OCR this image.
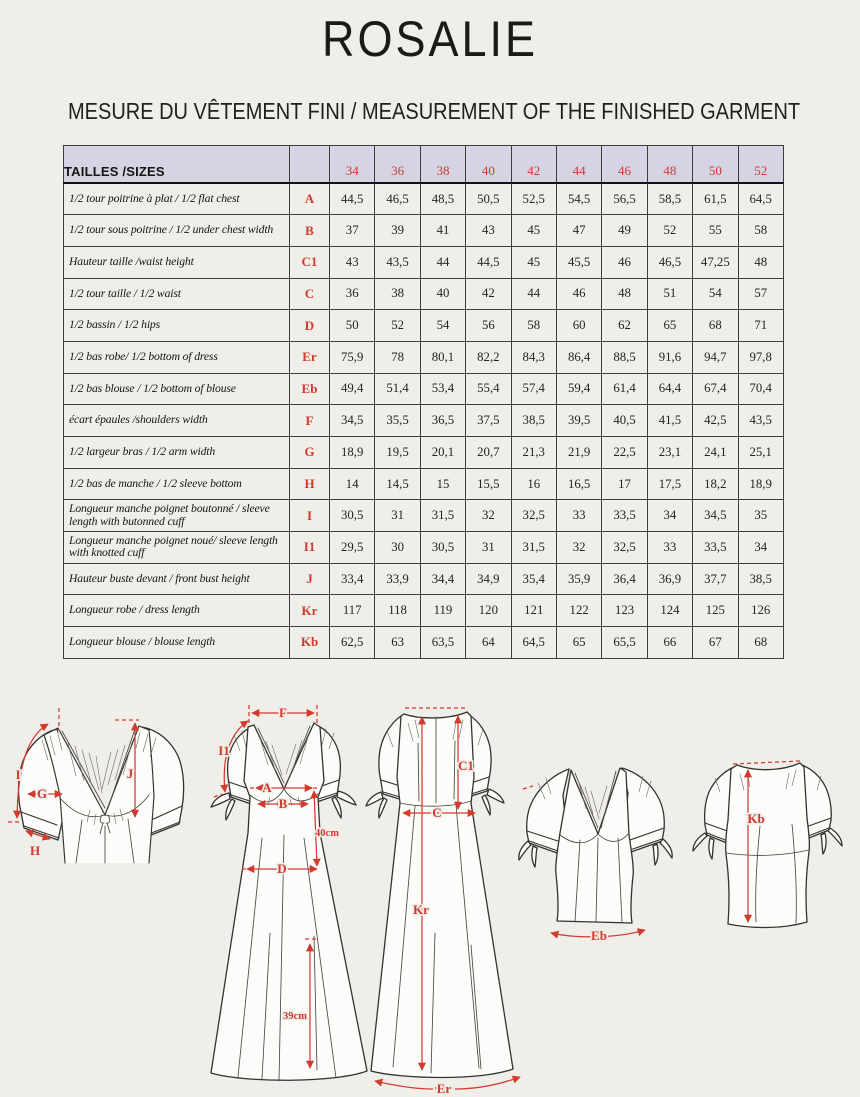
ROSALIE
MESURE DU VÊTEMENT FINI / MEASUREMENT OF THE FINISHED GARMENT
TAILLES /SIZES		34	36	38	40	42	44	46	48	50	52
1/2 tour poitrine à plat / 1/2 flat chest	A	44,5	46,5	48,5	50,5	52,5	54,5	56,5	58,5	61,5	64,5
1/2 tour sous poitrine / 1/2 under chest width	B	37	39	41	43	45	47	49	52	55	58
Hauteur taille /waist height	C1	43	43,5	44	44,5	45	45,5	46	46,5	47,25	48
1/2 tour taille / 1/2 waist	C	36	38	40	42	44	46	48	51	54	57
1/2 bassin / 1/2 hips	D	50	52	54	56	58	60	62	65	68	71
1/2 bas robe/ 1/2 bottom of dress	Er	75,9	78	80,1	82,2	84,3	86,4	88,5	91,6	94,7	97,8
1/2 bas blouse / 1/2 bottom of blouse	Eb	49,4	51,4	53,4	55,4	57,4	59,4	61,4	64,4	67,4	70,4
écart épaules /shoulders width	F	34,5	35,5	36,5	37,5	38,5	39,5	40,5	41,5	42,5	43,5
1/2 largeur bras / 1/2 arm width	G	18,9	19,5	20,1	20,7	21,3	21,9	22,5	23,1	24,1	25,1
1/2 bas de manche / 1/2 sleeve bottom	H	14	14,5	15	15,5	16	16,5	17	17,5	18,2	18,9
Longueur manche poignet boutonné / sleeve length with butonned cuff	I	30,5	31	31,5	32	32,5	33	33,5	34	34,5	35
Longueur manche poignet noué/ sleeve length with knotted cuff	I1	29,5	30	30,5	31	31,5	32	32,5	33	33,5	34
Hauteur buste devant / front bust height	J	33,4	33,9	34,4	34,9	35,4	35,9	36,4	36,9	37,7	38,5
Longueur robe / dress length	Kr	117	118	119	120	121	122	123	124	125	126
Longueur blouse / blouse length	Kb	62,5	63	63,5	64	64,5	65	65,5	66	67	68
I
G
H
J
F
I1
A
B
40cm
D
39cm
C1
C
Kr
Er
Eb
Kb
